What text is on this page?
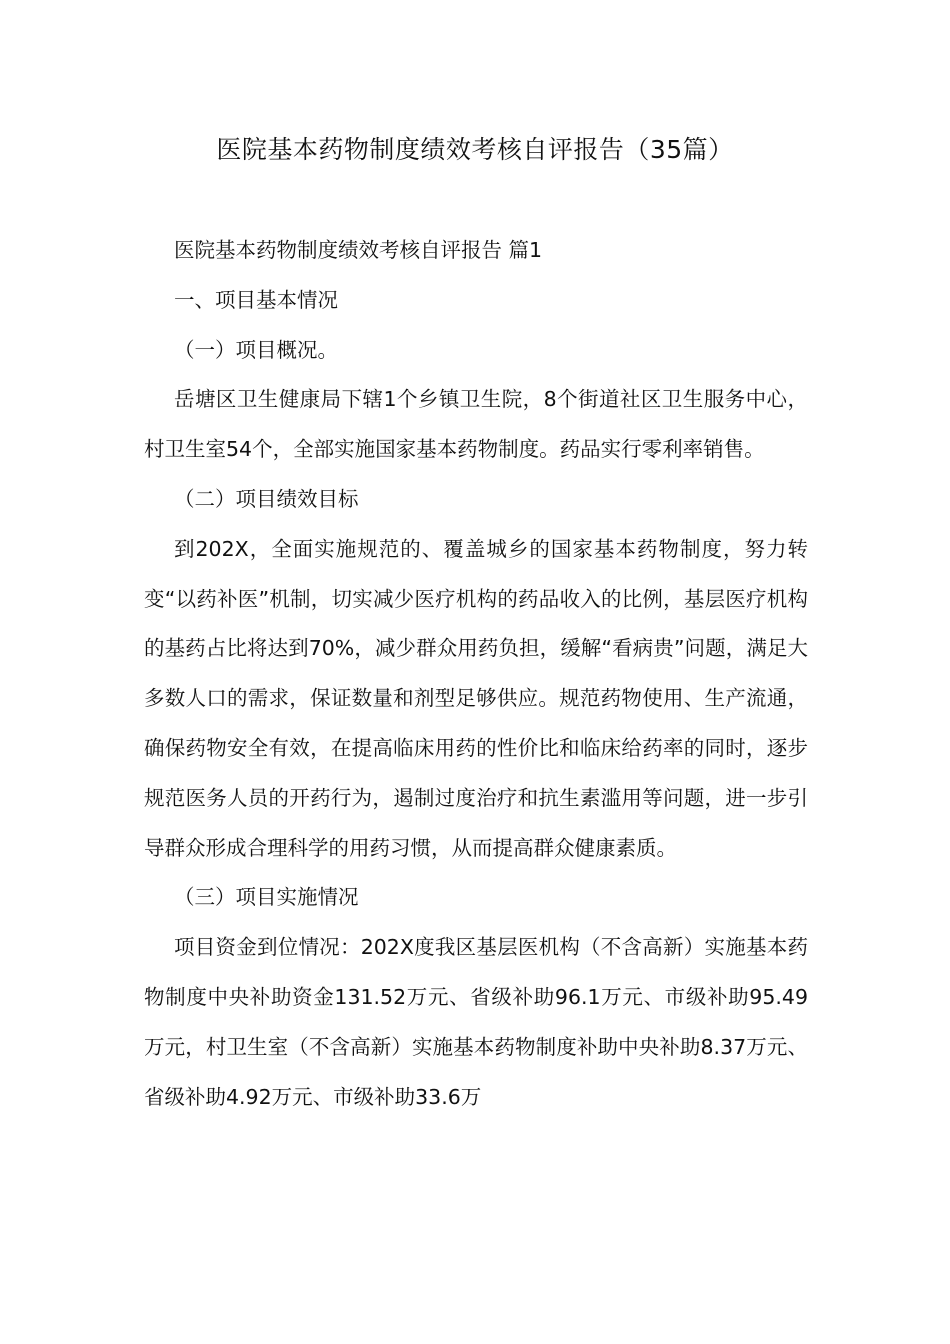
医院基本药物制度绩效考核自评报告（35篇）

医院基本药物制度绩效考核自评报告 篇1

一、项目基本情况

（一）项目概况。

岳塘区卫生健康局下辖1个乡镇卫生院，8个街道社区卫生服务中心，村卫生室54个，全部实施国家基本药物制度。药品实行零利率销售。

（二）项目绩效目标

到202X，全面实施规范的、覆盖城乡的国家基本药物制度，努力转变“以药补医”机制，切实减少医疗机构的药品收入的比例，基层医疗机构的基药占比将达到70%，减少群众用药负担，缓解“看病贵”问题，满足大多数人口的需求，保证数量和剂型足够供应。规范药物使用、生产流通，确保药物安全有效，在提高临床用药的性价比和临床给药率的同时，逐步规范医务人员的开药行为，遏制过度治疗和抗生素滥用等问题，进一步引导群众形成合理科学的用药习惯，从而提高群众健康素质。

（三）项目实施情况

项目资金到位情况：202X度我区基层医机构（不含高新）实施基本药物制度中央补助资金131.52万元、省级补助96.1万元、市级补助95.49万元，村卫生室（不含高新）实施基本药物制度补助中央补助8.37万元、省级补助4.92万元、市级补助33.6万
